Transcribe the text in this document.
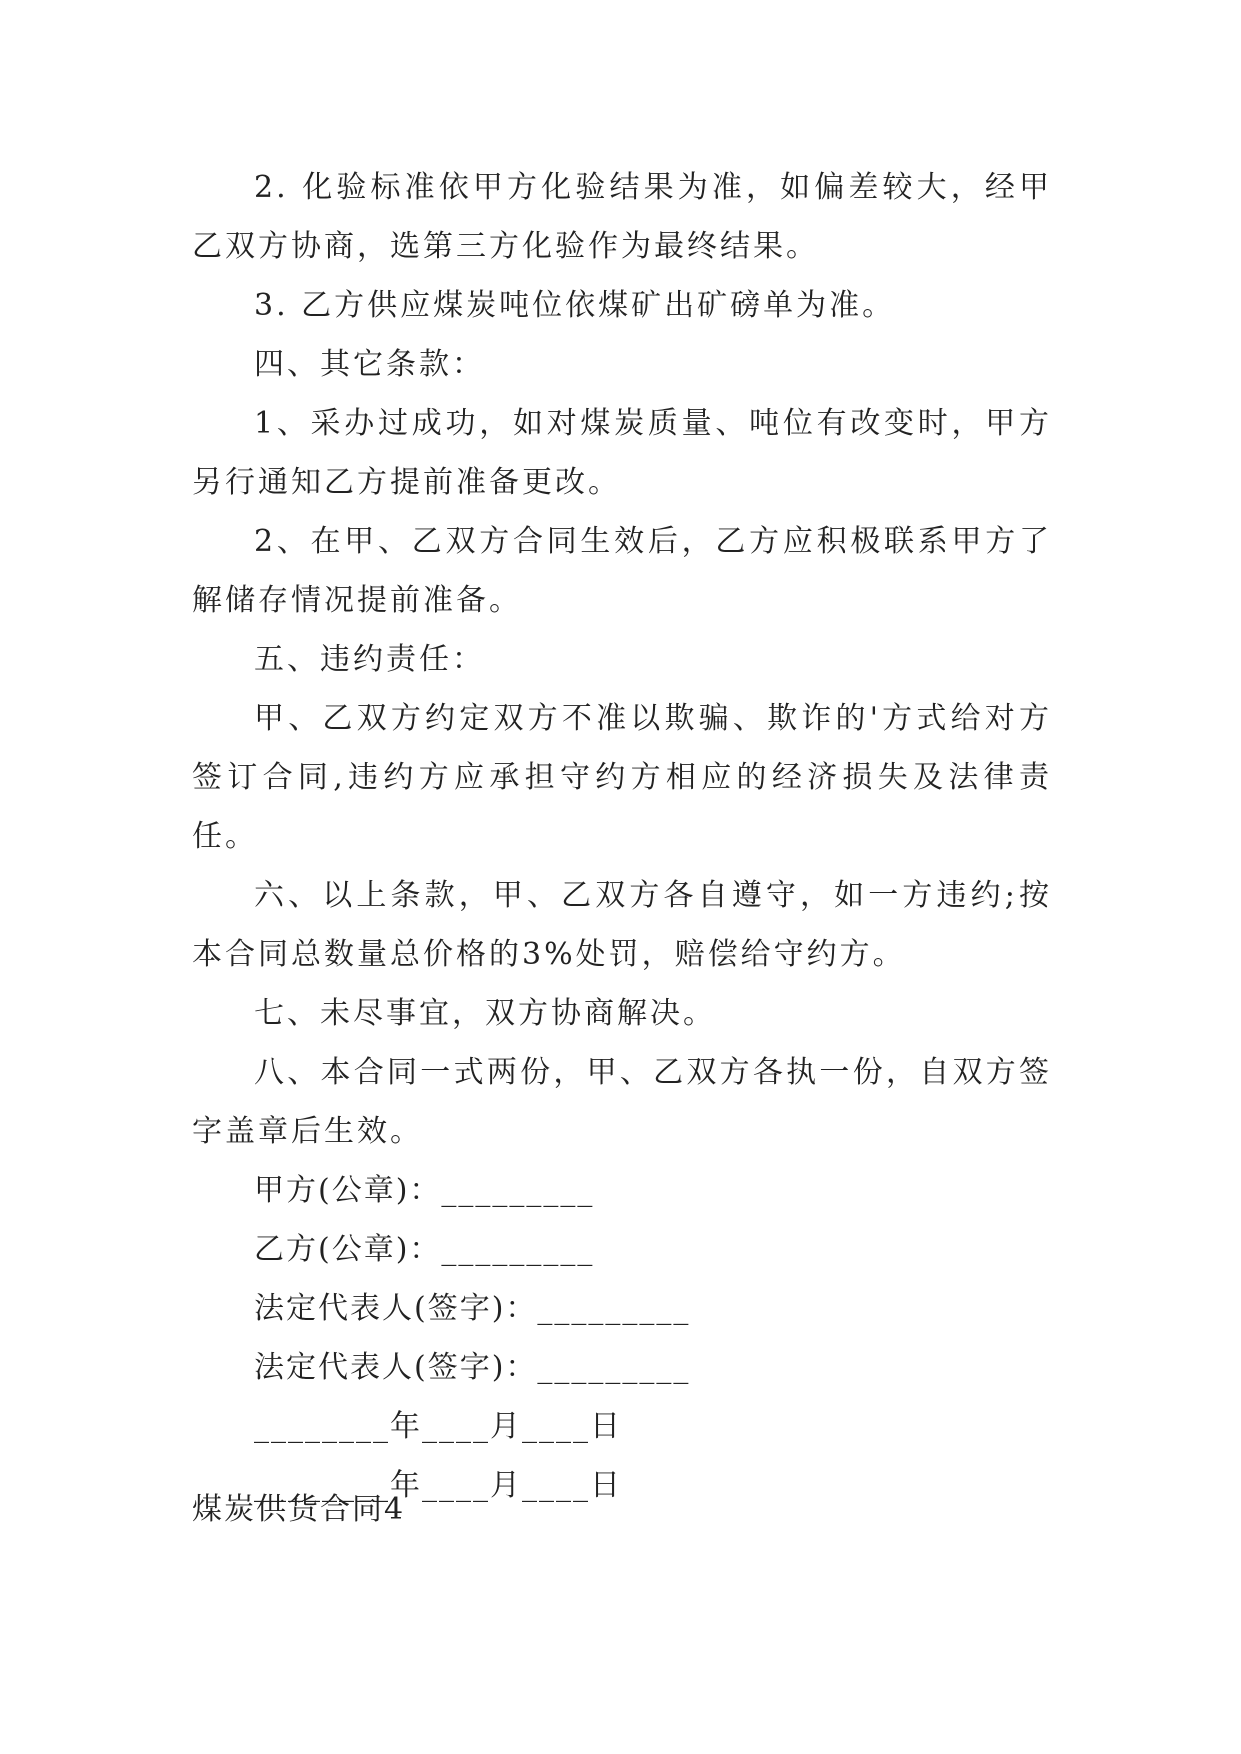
2. 化验标准依甲方化验结果为准，如偏差较大，经甲乙双方协商，选第三方化验作为最终结果。

3. 乙方供应煤炭吨位依煤矿出矿磅单为准。

四、其它条款：

1、采办过成功，如对煤炭质量、吨位有改变时，甲方另行通知乙方提前准备更改。

2、在甲、乙双方合同生效后，乙方应积极联系甲方了解储存情况提前准备。

五、违约责任：

甲、乙双方约定双方不准以欺骗、欺诈的'方式给对方签订合同,违约方应承担守约方相应的经济损失及法律责任。

六、以上条款，甲、乙双方各自遵守，如一方违约;按本合同总数量总价格的3%处罚，赔偿给守约方。

七、未尽事宜，双方协商解决。

八、本合同一式两份，甲、乙双方各执一份，自双方签字盖章后生效。

甲方(公章)：_________

乙方(公章)：_________

法定代表人(签字)：_________

法定代表人(签字)：_________

________年____月____日

________年____月____日

煤炭供货合同4
